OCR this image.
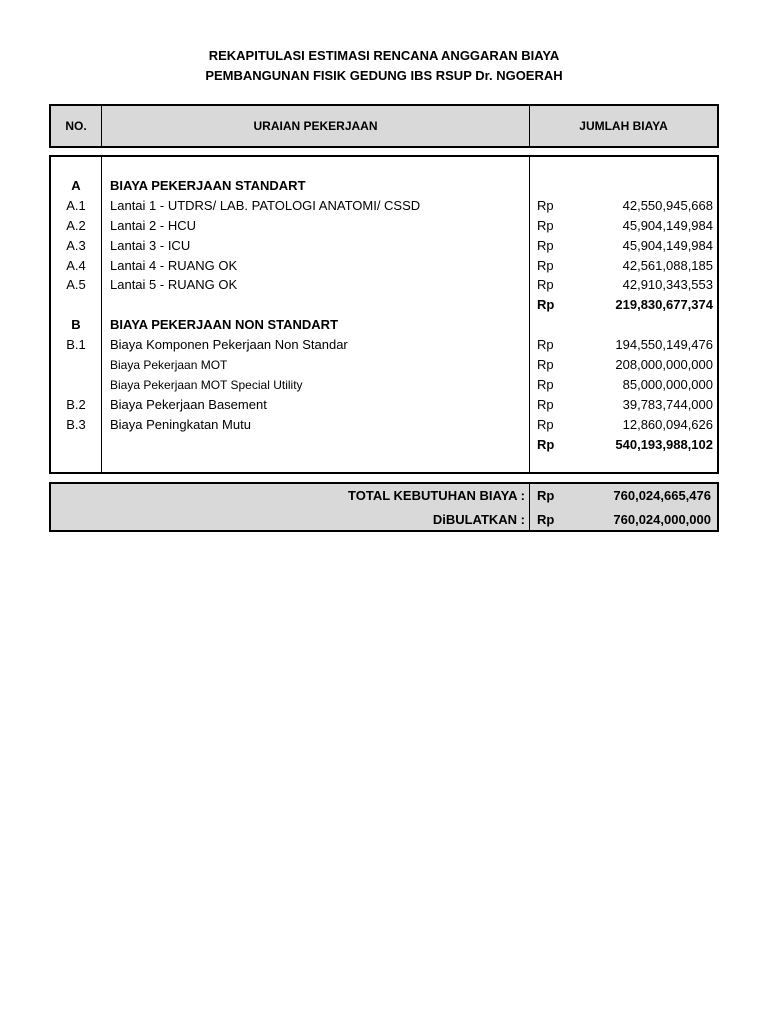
REKAPITULASI ESTIMASI RENCANA ANGGARAN BIAYA
PEMBANGUNAN FISIK GEDUNG IBS RSUP Dr. NGOERAH
NO.	URAIAN PEKERJAAN	JUMLAH BIAYA
A	BIAYA PEKERJAAN STANDART
A.1	Lantai 1 - UTDRS/ LAB. PATOLOGI ANATOMI/ CSSD	Rp	42,550,945,668
A.2	Lantai 2 - HCU	Rp	45,904,149,984
A.3	Lantai 3 - ICU	Rp	45,904,149,984
A.4	Lantai 4 - RUANG OK	Rp	42,561,088,185
A.5	Lantai 5 - RUANG OK	Rp	42,910,343,553
Rp	219,830,677,374
B	BIAYA PEKERJAAN NON STANDART
B.1	Biaya Komponen Pekerjaan Non Standar	Rp	194,550,149,476
Biaya Pekerjaan MOT	Rp	208,000,000,000
Biaya Pekerjaan MOT Special Utility	Rp	85,000,000,000
B.2	Biaya Pekerjaan Basement	Rp	39,783,744,000
B.3	Biaya Peningkatan Mutu	Rp	12,860,094,626
Rp	540,193,988,102
TOTAL KEBUTUHAN BIAYA : Rp	760,024,665,476
DiBULATKAN : Rp	760,024,000,000
